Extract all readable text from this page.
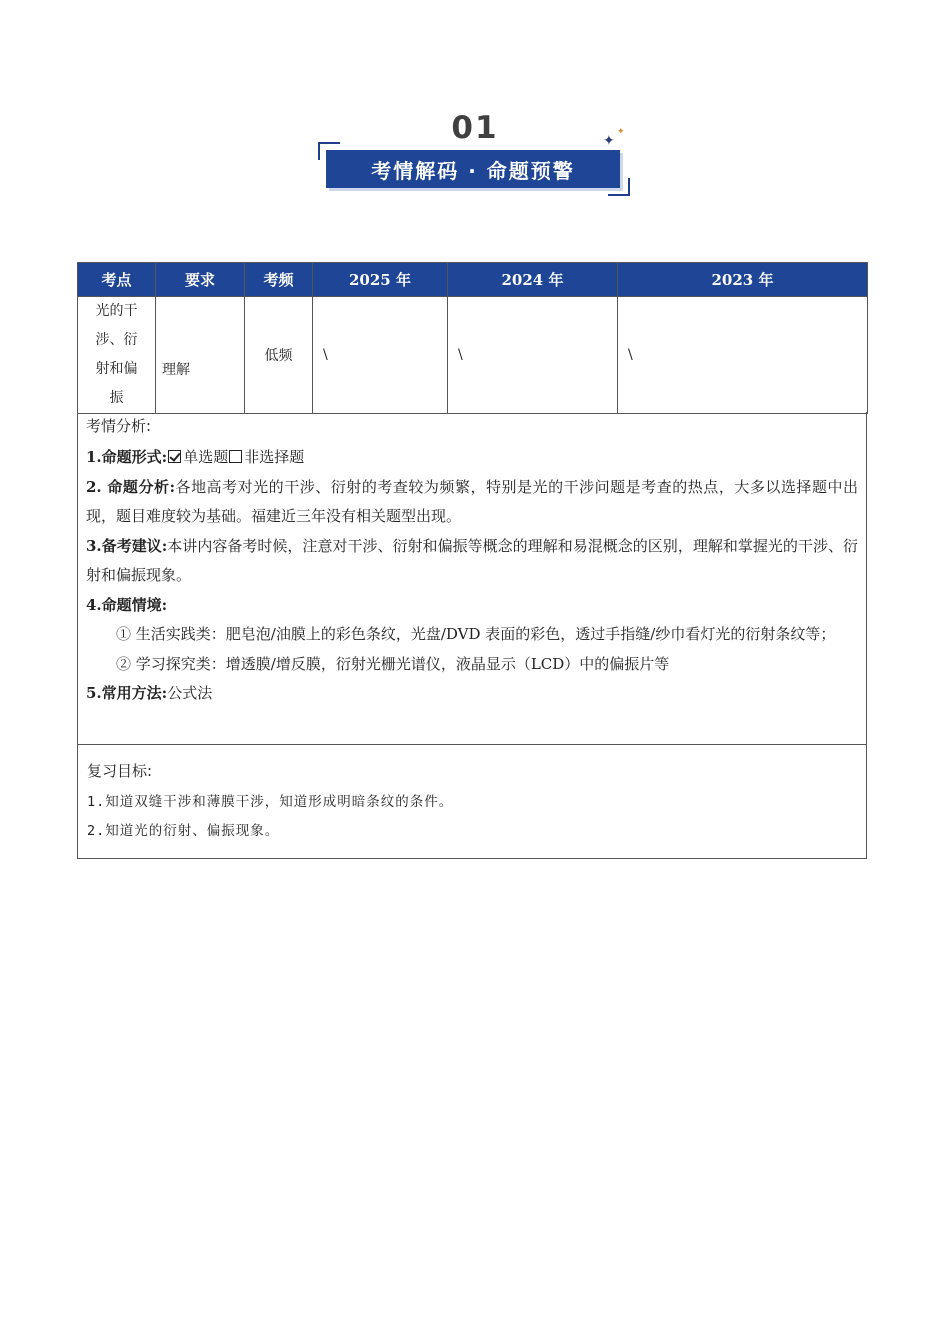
01	✦
✦
考情解码 · 命题预警
考点	要求	考频	2025 年	2024 年	2023 年

光的干
涉、衍
射和偏
振	理解	低频	\	\	\
考情分析:

1.命题形式: 单选题 非选择题

2. 命题分析:各地高考对光的干涉、衍射的考查较为频繁，特别是光的干涉问题是考查的热点，大多以选择题中出现，题目难度较为基础。福建近三年没有相关题型出现。

3.备考建议:本讲内容备考时候，注意对干涉、衍射和偏振等概念的理解和易混概念的区别，理解和掌握光的干涉、衍射和偏振现象。

4.命题情境:

① 生活实践类：肥皂泡/油膜上的彩色条纹，光盘/DVD 表面的彩色，透过手指缝/纱巾看灯光的衍射条纹等；

② 学习探究类：增透膜/增反膜，衍射光栅光谱仪，液晶显示（LCD）中的偏振片等

5.常用方法:公式法

复习目标:
1.知道双缝干涉和薄膜干涉，知道形成明暗条纹的条件。
2.知道光的衍射、偏振现象。
